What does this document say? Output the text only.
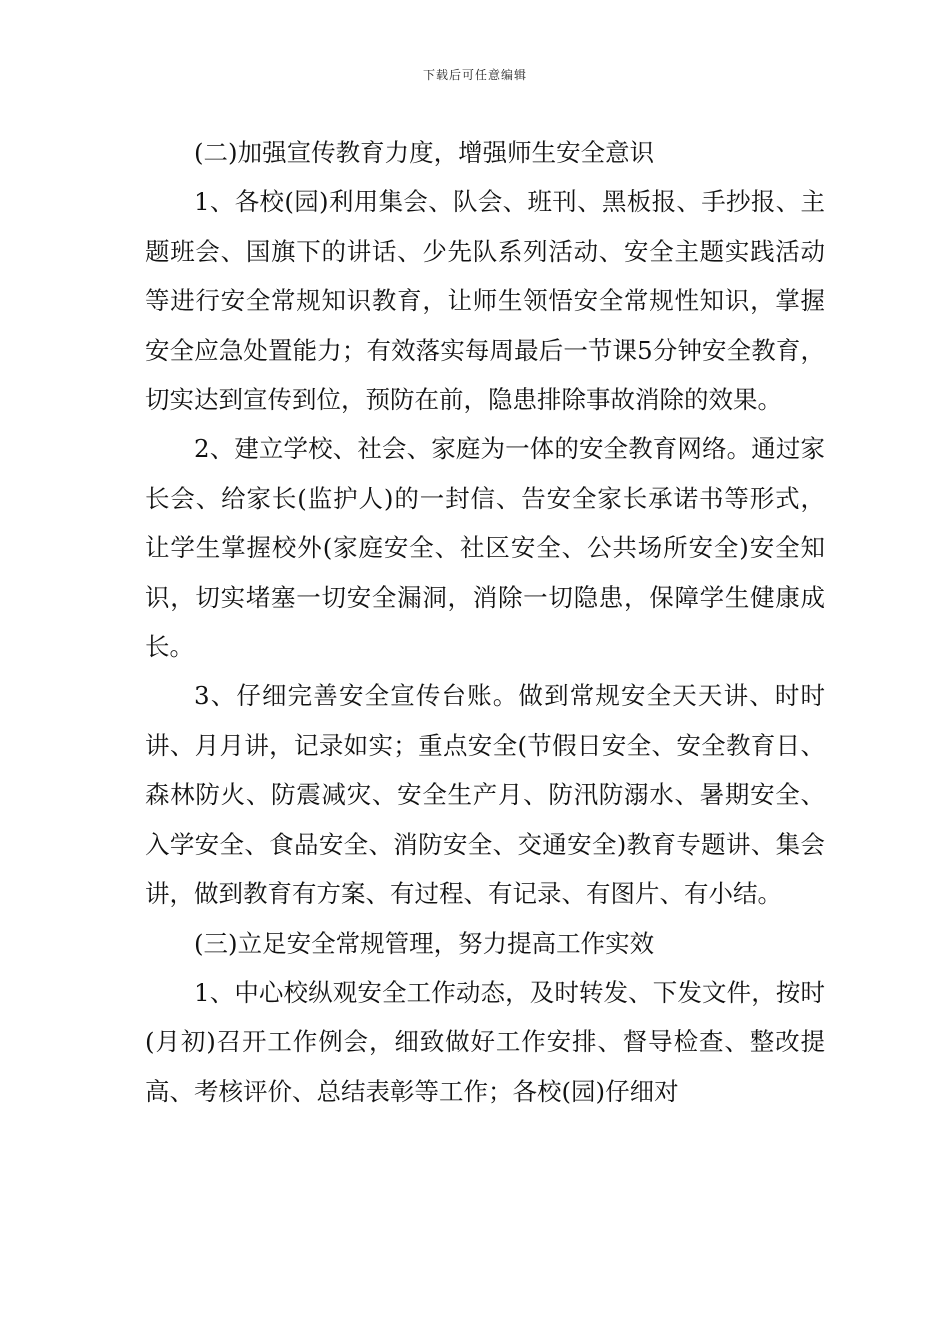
下载后可任意编辑

(二)加强宣传教育力度，增强师生安全意识

1、各校(园)利用集会、队会、班刊、黑板报、手抄报、主题班会、国旗下的讲话、少先队系列活动、安全主题实践活动等进行安全常规知识教育，让师生领悟安全常规性知识，掌握安全应急处置能力；有效落实每周最后一节课5分钟安全教育，切实达到宣传到位，预防在前，隐患排除事故消除的效果。

2、建立学校、社会、家庭为一体的安全教育网络。通过家长会、给家长(监护人)的一封信、告安全家长承诺书等形式，让学生掌握校外(家庭安全、社区安全、公共场所安全)安全知识，切实堵塞一切安全漏洞，消除一切隐患，保障学生健康成长。

3、仔细完善安全宣传台账。做到常规安全天天讲、时时讲、月月讲，记录如实；重点安全(节假日安全、安全教育日、森林防火、防震减灾、安全生产月、防汛防溺水、暑期安全、入学安全、食品安全、消防安全、交通安全)教育专题讲、集会讲，做到教育有方案、有过程、有记录、有图片、有小结。

(三)立足安全常规管理，努力提高工作实效

1、中心校纵观安全工作动态，及时转发、下发文件，按时(月初)召开工作例会，细致做好工作安排、督导检查、整改提高、考核评价、总结表彰等工作；各校(园)仔细对
